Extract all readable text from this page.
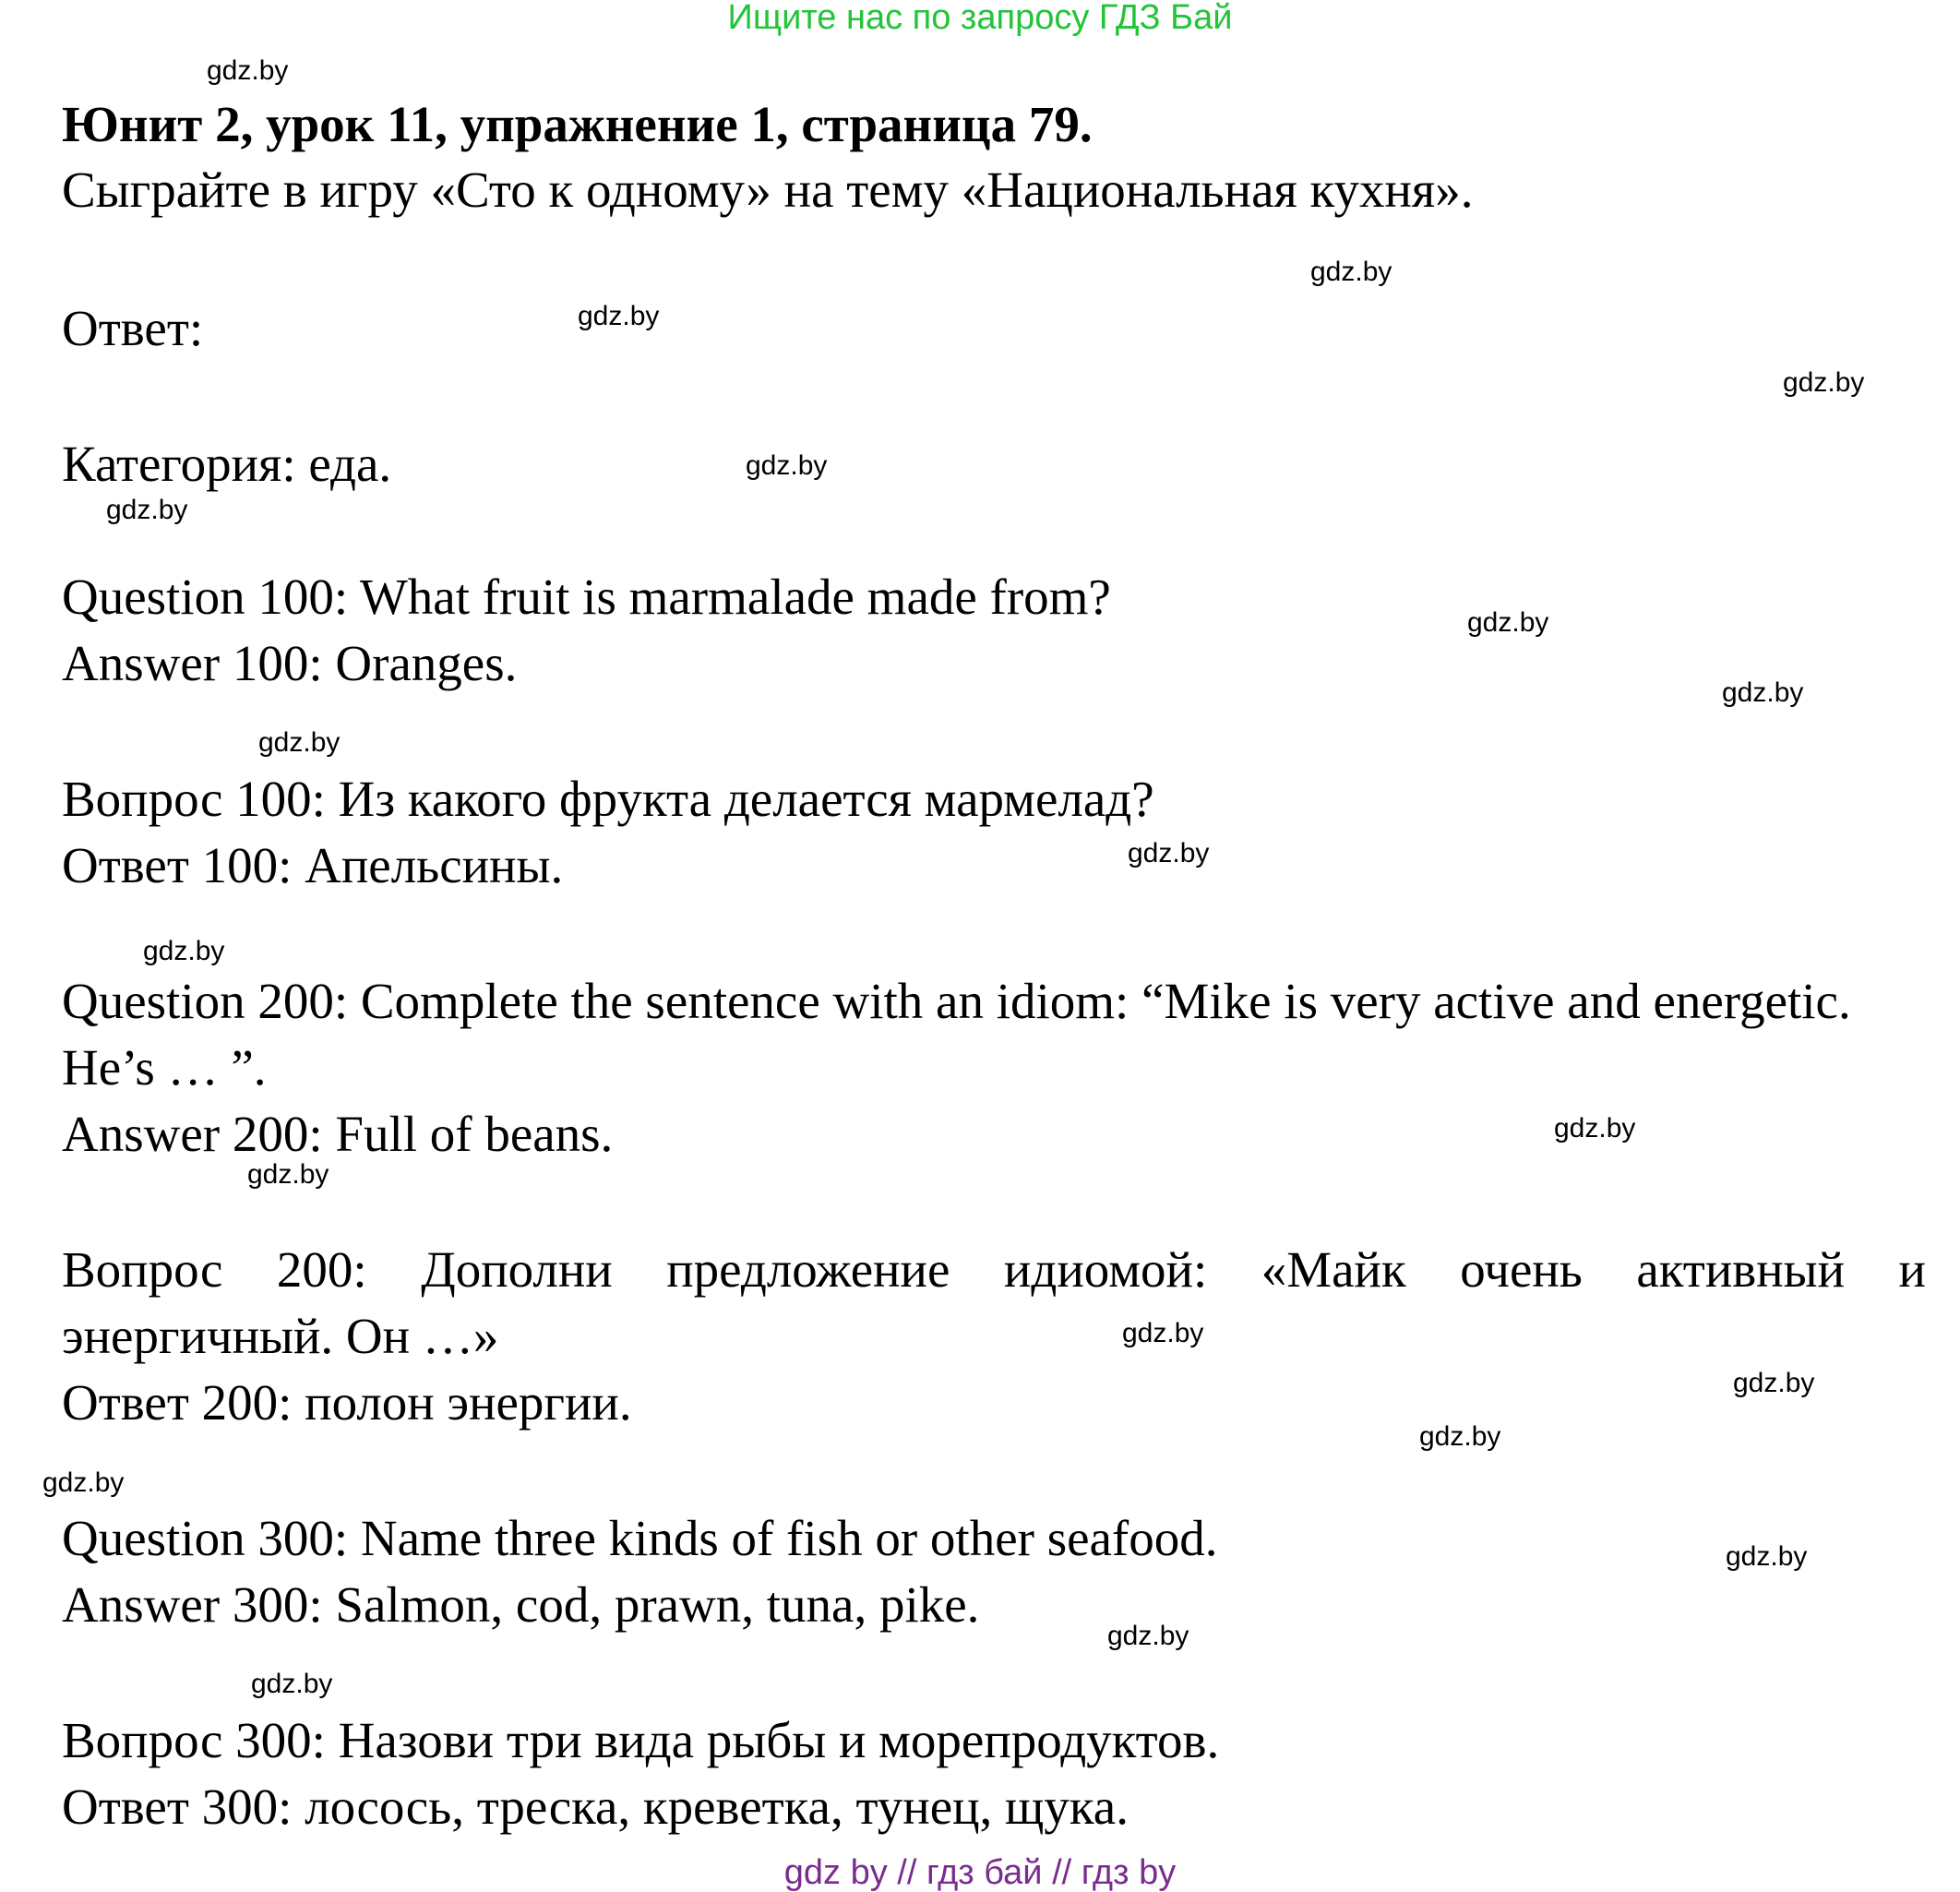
Ищите нас по запросу ГДЗ Бай

Юнит 2, урок 11, упражнение 1, страница 79.

Сыграйте в игру «Сто к одному» на тему «Национальная кухня».

Ответ:

Категория: еда.

Question 100: What fruit is marmalade made from?

Answer 100: Oranges.

Вопрос 100: Из какого фрукта делается мармелад?

Ответ 100: Апельсины.

Question 200: Complete the sentence with an idiom: “Mike is very active and energetic.

He’s … ”.

Answer 200: Full of beans.

Вопрос 200: Дополни предложение идиомой: «Майк очень активный и

энергичный. Он …»

Ответ 200: полон энергии.

Question 300: Name three kinds of fish or other seafood.

Answer 300: Salmon, cod, prawn, tuna, pike.

Вопрос 300: Назови три вида рыбы и морепродуктов.

Ответ 300: лосось, треска, креветка, тунец, щука.

gdz.by
gdz.by
gdz.by
gdz.by
gdz.by
gdz.by
gdz.by
gdz.by
gdz.by
gdz.by
gdz.by
gdz.by
gdz.by
gdz.by
gdz.by
gdz.by
gdz.by
gdz.by
gdz.by
gdz.by
gdz by // гдз бай // гдз by
